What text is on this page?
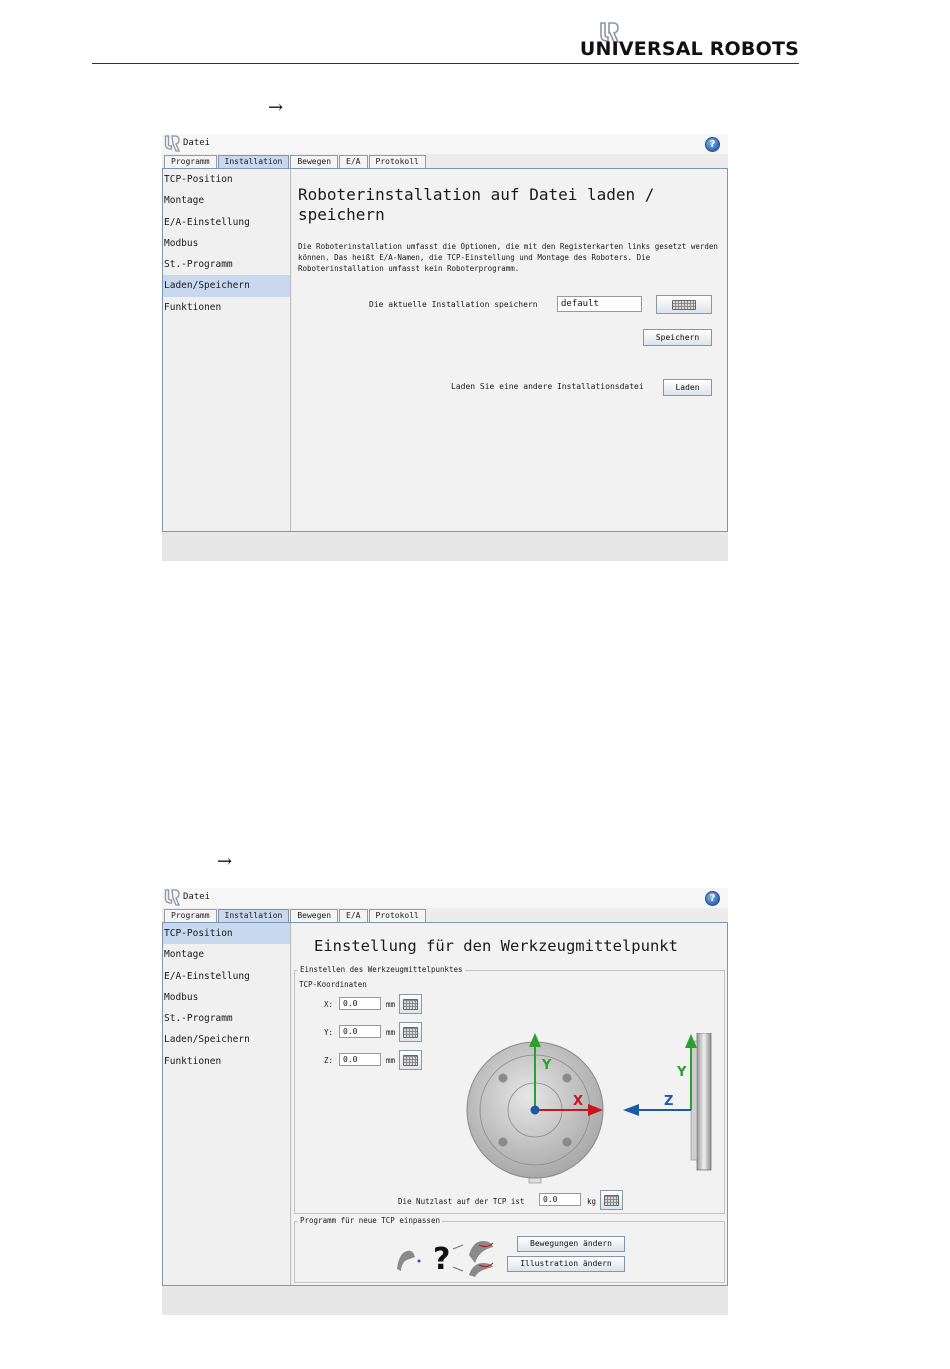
UNIVERSAL ROBOTS
→
Datei	?
Programm	Installation	Bewegen	E/A	Protokoll
TCP-Position
Montage
E/A-Einstellung
Modbus
St.-Programm
Laden/Speichern
Funktionen
Roboterinstallation auf Datei laden / speichern
Die Roboterinstallation umfasst die Optionen, die mit den Registerkarten links gesetzt werden können. Das heißt E/A-Namen, die TCP-Einstellung und Montage des Roboters. Die Roboterinstallation umfasst kein Roboterprogramm.
Die aktuelle Installation speichern	default
Speichern
Laden Sie eine andere Installationsdatei	Laden
→
Datei	?
Programm	Installation	Bewegen	E/A	Protokoll
TCP-Position
Montage
E/A-Einstellung
Modbus
St.-Programm
Laden/Speichern
Funktionen
Einstellung für den Werkzeugmittelpunkt
Einstellen des Werkzeugmittelpunktes
TCP-Koordinaten
X:	0.0	mm
Y:	0.0	mm
Z:	0.0	mm	Y
X
Y
Z
Die Nutzlast auf der TCP ist	0.0	kg
Programm für neue TCP einpassen
?	Bewegungen ändern
Illustration ändern
